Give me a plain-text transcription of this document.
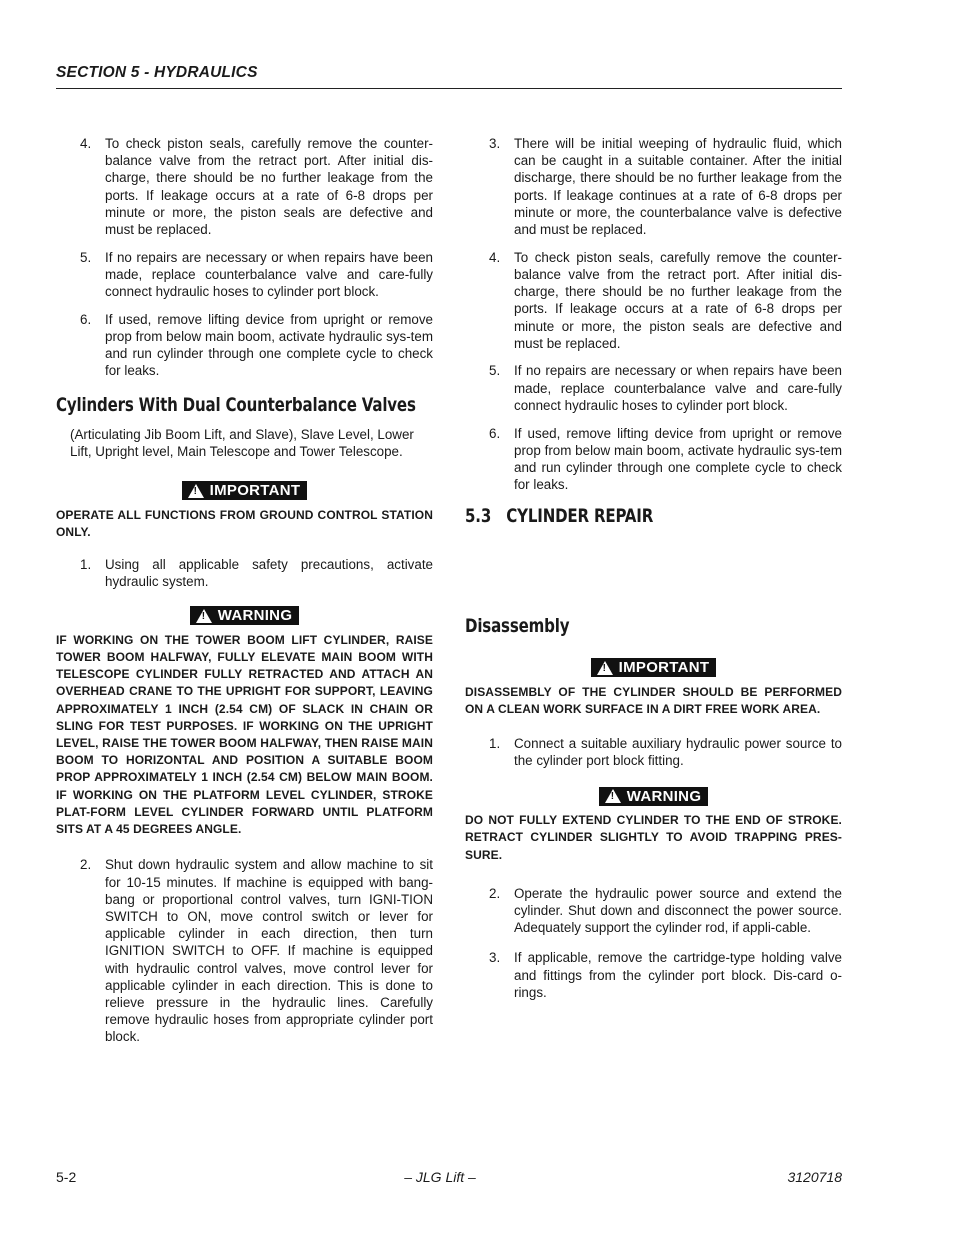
SECTION 5 - HYDRAULICS
4.	To check piston seals, carefully remove the counter-balance valve from the retract port. After initial dis-charge, there should be no further leakage from the ports. If leakage occurs at a rate of 6-8 drops per minute or more, the piston seals are defective and must be replaced.
5.	If no repairs are necessary or when repairs have been made, replace counterbalance valve and care-fully connect hydraulic hoses to cylinder port block.
6.	If used, remove lifting device from upright or remove prop from below main boom, activate hydraulic sys-tem and run cylinder through one complete cycle to check for leaks.
Cylinders With Dual Counterbalance Valves
(Articulating Jib Boom Lift, and Slave), Slave Level, Lower Lift, Upright level, Main Telescope and Tower Telescope.
!
IMPORTANT
OPERATE ALL FUNCTIONS FROM GROUND CONTROL STATION ONLY.
1.	Using all applicable safety precautions, activate hydraulic system.
!
WARNING
IF WORKING ON THE TOWER BOOM LIFT CYLINDER, RAISE TOWER BOOM HALFWAY, FULLY ELEVATE MAIN BOOM WITH TELESCOPE CYLINDER FULLY RETRACTED AND ATTACH AN OVERHEAD CRANE TO THE UPRIGHT FOR SUPPORT, LEAVING APPROXIMATELY 1 INCH (2.54 CM) OF SLACK IN CHAIN OR SLING FOR TEST PURPOSES. IF WORKING ON THE UPRIGHT LEVEL, RAISE THE TOWER BOOM HALFWAY, THEN RAISE MAIN BOOM TO HORIZONTAL AND POSITION A SUITABLE BOOM PROP APPROXIMATELY 1 INCH (2.54 CM) BELOW MAIN BOOM. IF WORKING ON THE PLATFORM LEVEL CYLINDER, STROKE PLAT-FORM LEVEL CYLINDER FORWARD UNTIL PLATFORM SITS AT A 45 DEGREES ANGLE.
2.	Shut down hydraulic system and allow machine to sit for 10-15 minutes. If machine is equipped with bang-bang or proportional control valves, turn IGNI-TION SWITCH to ON, move control switch or lever for applicable cylinder in each direction, then turn IGNITION SWITCH to OFF. If machine is equipped with hydraulic control valves, move control lever for applicable cylinder in each direction. This is done to relieve pressure in the hydraulic lines. Carefully remove hydraulic hoses from appropriate cylinder port block.
3.	There will be initial weeping of hydraulic fluid, which can be caught in a suitable container. After the initial discharge, there should be no further leakage from the ports. If leakage continues at a rate of 6-8 drops per minute or more, the counterbalance valve is defective and must be replaced.
4.	To check piston seals, carefully remove the counter-balance valve from the retract port. After initial dis-charge, there should be no further leakage from the ports. If leakage occurs at a rate of 6-8 drops per minute or more, the piston seals are defective and must be replaced.
5.	If no repairs are necessary or when repairs have been made, replace counterbalance valve and care-fully connect hydraulic hoses to cylinder port block.
6.	If used, remove lifting device from upright or remove prop from below main boom, activate hydraulic sys-tem and run cylinder through one complete cycle to check for leaks.
5.3   CYLINDER REPAIR
Disassembly
!
IMPORTANT
DISASSEMBLY OF THE CYLINDER SHOULD BE PERFORMED ON A CLEAN WORK SURFACE IN A DIRT FREE WORK AREA.
1.	Connect a suitable auxiliary hydraulic power source to the cylinder port block fitting.
!
WARNING
DO NOT FULLY EXTEND CYLINDER TO THE END OF STROKE. RETRACT CYLINDER SLIGHTLY TO AVOID TRAPPING PRES-SURE.
2.	Operate the hydraulic power source and extend the cylinder. Shut down and disconnect the power source. Adequately support the cylinder rod, if appli-cable.
3.	If applicable, remove the cartridge-type holding valve and fittings from the cylinder port block. Dis-card o-rings.
5-2	– JLG Lift –	3120718
